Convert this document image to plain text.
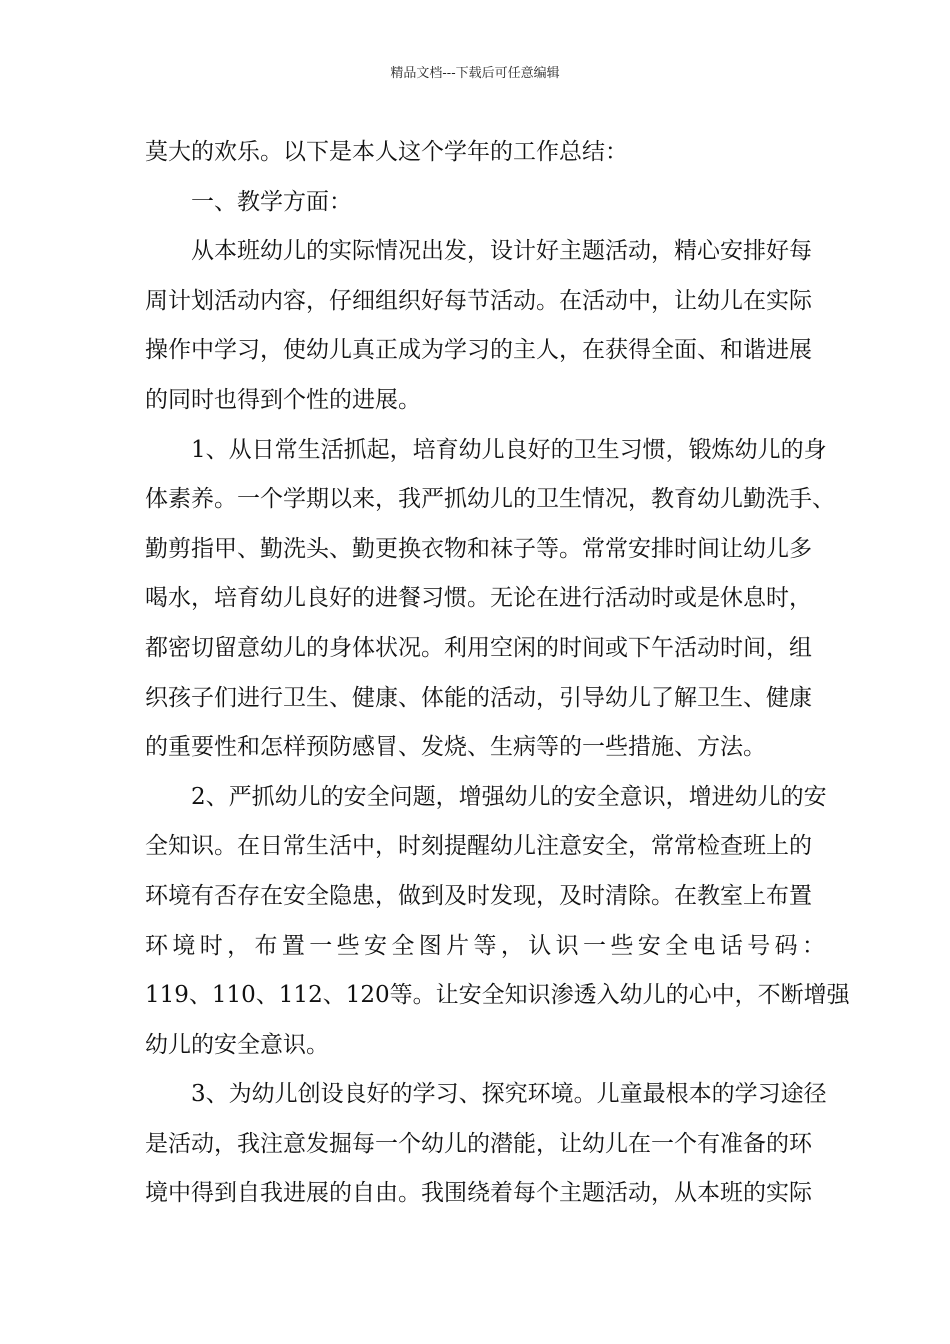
精品文档---下载后可任意编辑
莫大的欢乐。以下是本人这个学年的工作总结：
一、教学方面：
从本班幼儿的实际情况出发，设计好主题活动，精心安排好每
周计划活动内容，仔细组织好每节活动。在活动中，让幼儿在实际
操作中学习，使幼儿真正成为学习的主人，在获得全面、和谐进展
的同时也得到个性的进展。
1、从日常生活抓起，培育幼儿良好的卫生习惯，锻炼幼儿的身
体素养。一个学期以来，我严抓幼儿的卫生情况，教育幼儿勤洗手、
勤剪指甲、勤洗头、勤更换衣物和袜子等。常常安排时间让幼儿多
喝水，培育幼儿良好的进餐习惯。无论在进行活动时或是休息时，
都密切留意幼儿的身体状况。利用空闲的时间或下午活动时间，组
织孩子们进行卫生、健康、体能的活动，引导幼儿了解卫生、健康
的重要性和怎样预防感冒、发烧、生病等的一些措施、方法。
2、严抓幼儿的安全问题，增强幼儿的安全意识，增进幼儿的安
全知识。在日常生活中，时刻提醒幼儿注意安全，常常检查班上的
环境有否存在安全隐患，做到及时发现，及时清除。在教室上布置
环境时，布置一些安全图片等，认识一些安全电话号码：
119、110、112、120等。让安全知识渗透入幼儿的心中，不断增强
幼儿的安全意识。
3、为幼儿创设良好的学习、探究环境。儿童最根本的学习途径
是活动，我注意发掘每一个幼儿的潜能，让幼儿在一个有准备的环
境中得到自我进展的自由。我围绕着每个主题活动，从本班的实际
